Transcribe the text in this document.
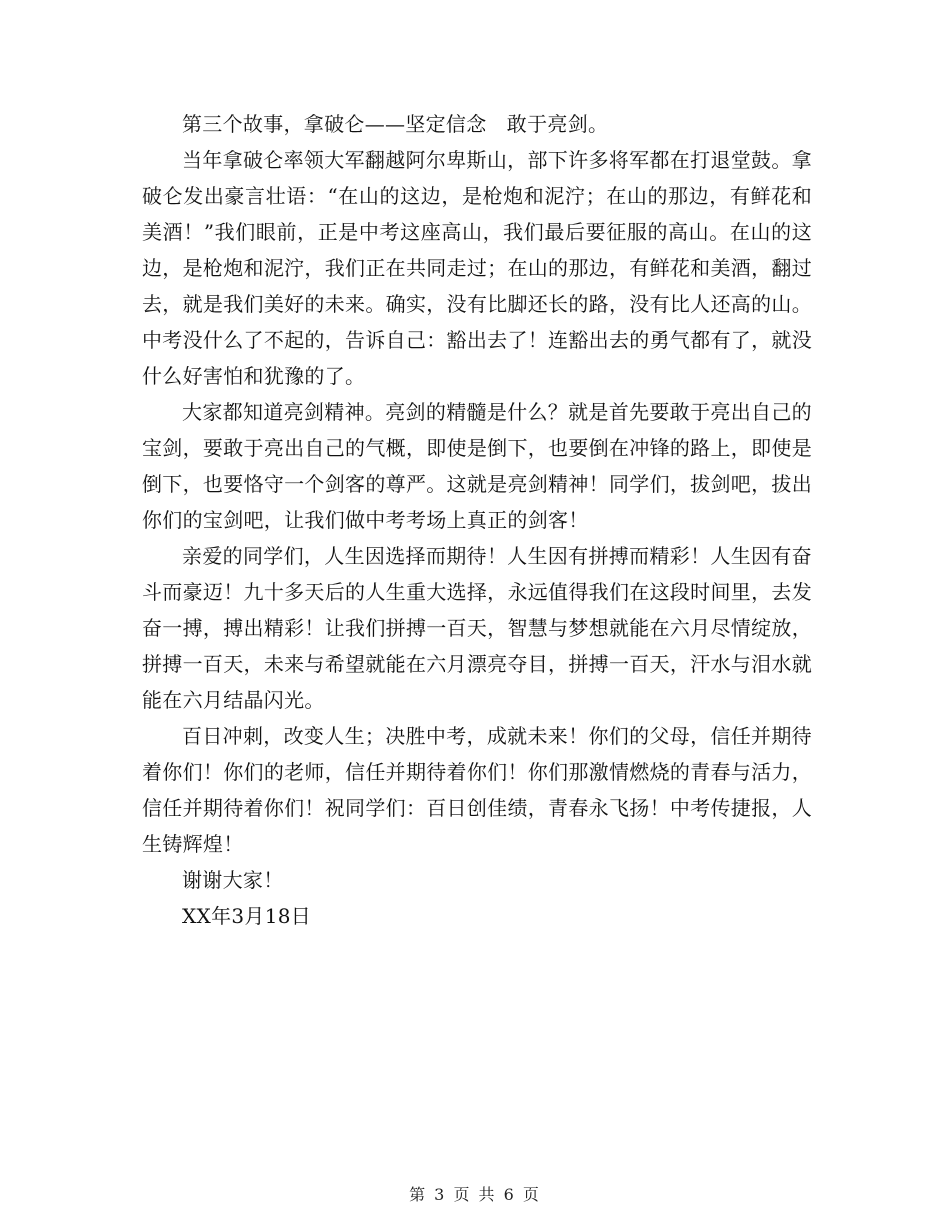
第三个故事，拿破仑——坚定信念　敢于亮剑。

当年拿破仑率领大军翻越阿尔卑斯山，部下许多将军都在打退堂鼓。拿破仑发出豪言壮语：“在山的这边，是枪炮和泥泞；在山的那边，有鲜花和美酒！”我们眼前，正是中考这座高山，我们最后要征服的高山。在山的这边，是枪炮和泥泞，我们正在共同走过；在山的那边，有鲜花和美酒，翻过去，就是我们美好的未来。确实，没有比脚还长的路，没有比人还高的山。中考没什么了不起的，告诉自己：豁出去了！连豁出去的勇气都有了，就没什么好害怕和犹豫的了。

大家都知道亮剑精神。亮剑的精髓是什么？就是首先要敢于亮出自己的宝剑，要敢于亮出自己的气概，即使是倒下，也要倒在冲锋的路上，即使是倒下，也要恪守一个剑客的尊严。这就是亮剑精神！同学们，拔剑吧，拔出你们的宝剑吧，让我们做中考考场上真正的剑客！

亲爱的同学们，人生因选择而期待！人生因有拼搏而精彩！人生因有奋斗而豪迈！九十多天后的人生重大选择，永远值得我们在这段时间里，去发奋一搏，搏出精彩！让我们拼搏一百天，智慧与梦想就能在六月尽情绽放，拼搏一百天，未来与希望就能在六月漂亮夺目，拼搏一百天，汗水与泪水就能在六月结晶闪光。

百日冲刺，改变人生；决胜中考，成就未来！你们的父母，信任并期待着你们！你们的老师，信任并期待着你们！你们那激情燃烧的青春与活力，信任并期待着你们！祝同学们：百日创佳绩，青春永飞扬！中考传捷报，人生铸辉煌！

谢谢大家！

XX年3月18日

第 3 页 共 6 页
